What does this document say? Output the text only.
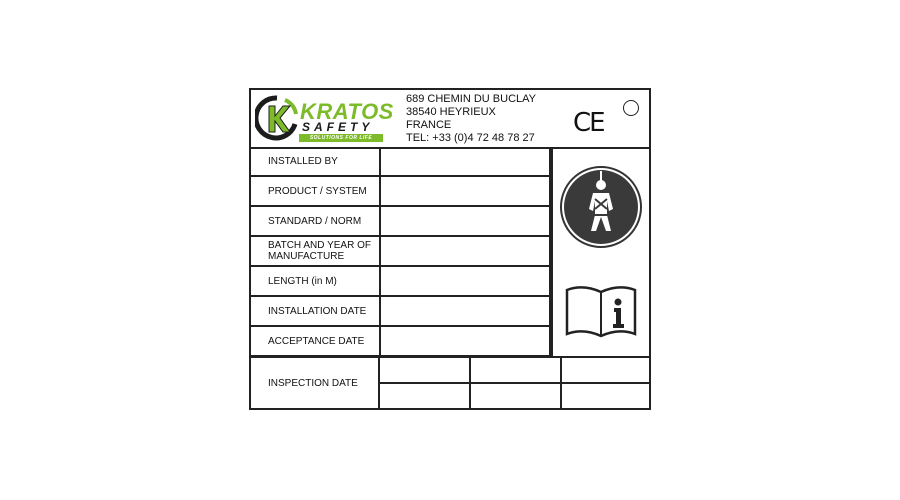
KRATOS
SAFETY
SOLUTIONS FOR LIFE
689 CHEMIN DU BUCLAY
38540 HEYRIEUX
FRANCE
TEL: +33 (0)4 72 48 78 27 CE
INSTALLED BY
PRODUCT / SYSTEM
STANDARD / NORM
BATCH AND YEAR OF MANUFACTURE
LENGTH (in M)
INSTALLATION DATE
ACCEPTANCE DATE
INSPECTION DATE
